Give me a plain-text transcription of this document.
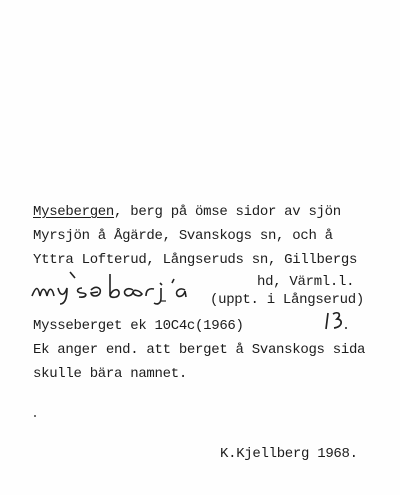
Mysebergen, berg på ömse sidor av sjön
Myrsjön å Ågärde, Svanskogs sn, och å
Yttra Lofterud, Långseruds sn, Gillbergs
hd, Värml.l.
(uppt. i Långserud)
Mysseberget ek 10C4c(1966)
Ek anger end. att berget å Svanskogs sida
skulle bära namnet.
K.Kjellberg 1968.
